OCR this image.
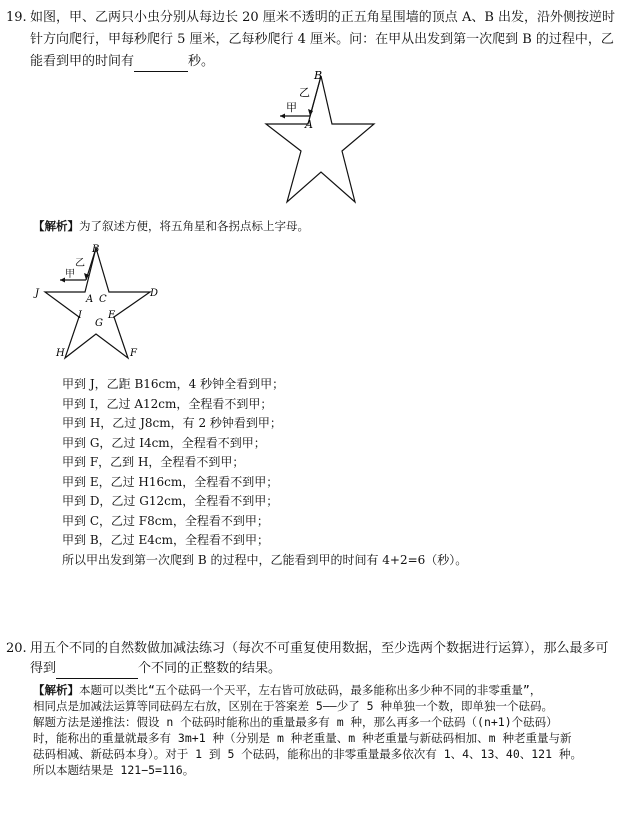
19. 如图，甲、乙两只小虫分别从每边长 20 厘米不透明的正五角星围墙的顶点 A、B 出发，沿外侧按逆时
针方向爬行，甲每秒爬行 5 厘米，乙每秒爬行 4 厘米。问：在甲从出发到第一次爬到 B 的过程中，乙
能看到甲的时间有	秒。
B
乙
甲
A
【解析】为了叙述方便，将五角星和各拐点标上字母。
B
乙
甲
J
A C
D
I
G
E
H	F
甲到 J，乙距 B16cm，4 秒钟全看到甲；
甲到 I，乙过 A12cm，全程看不到甲；
甲到 H，乙过 J8cm，有 2 秒钟看到甲；
甲到 G，乙过 I4cm，全程看不到甲；
甲到 F，乙到 H，全程看不到甲；
甲到 E，乙过 H16cm，全程看不到甲；
甲到 D，乙过 G12cm，全程看不到甲；
甲到 C，乙过 F8cm，全程看不到甲；
甲到 B，乙过 E4cm，全程看不到甲；
所以甲出发到第一次爬到 B 的过程中，乙能看到甲的时间有 4+2=6（秒）。
20. 用五个不同的自然数做加减法练习（每次不可重复使用数据，至少选两个数据进行运算），那么最多可
得到	个不同的正整数的结果。
【解析】本题可以类比“五个砝码一个天平，左右皆可放砝码，最多能称出多少种不同的非零重量”，
相同点是加减法运算等同砝码左右放，区别在于答案差 5——少了 5 种单独一个数，即单独一个砝码。
解题方法是递推法：假设 n 个砝码时能称出的重量最多有 m 种，那么再多一个砝码（(n+1)个砝码）
时，能称出的重量就最多有 3m+1 种（分别是 m 种老重量、m 种老重量与新砝码相加、m 种老重量与新
砝码相减、新砝码本身）。对于 1 到 5 个砝码，能称出的非零重量最多依次有 1、4、13、40、121 种。
所以本题结果是 121−5=116。
